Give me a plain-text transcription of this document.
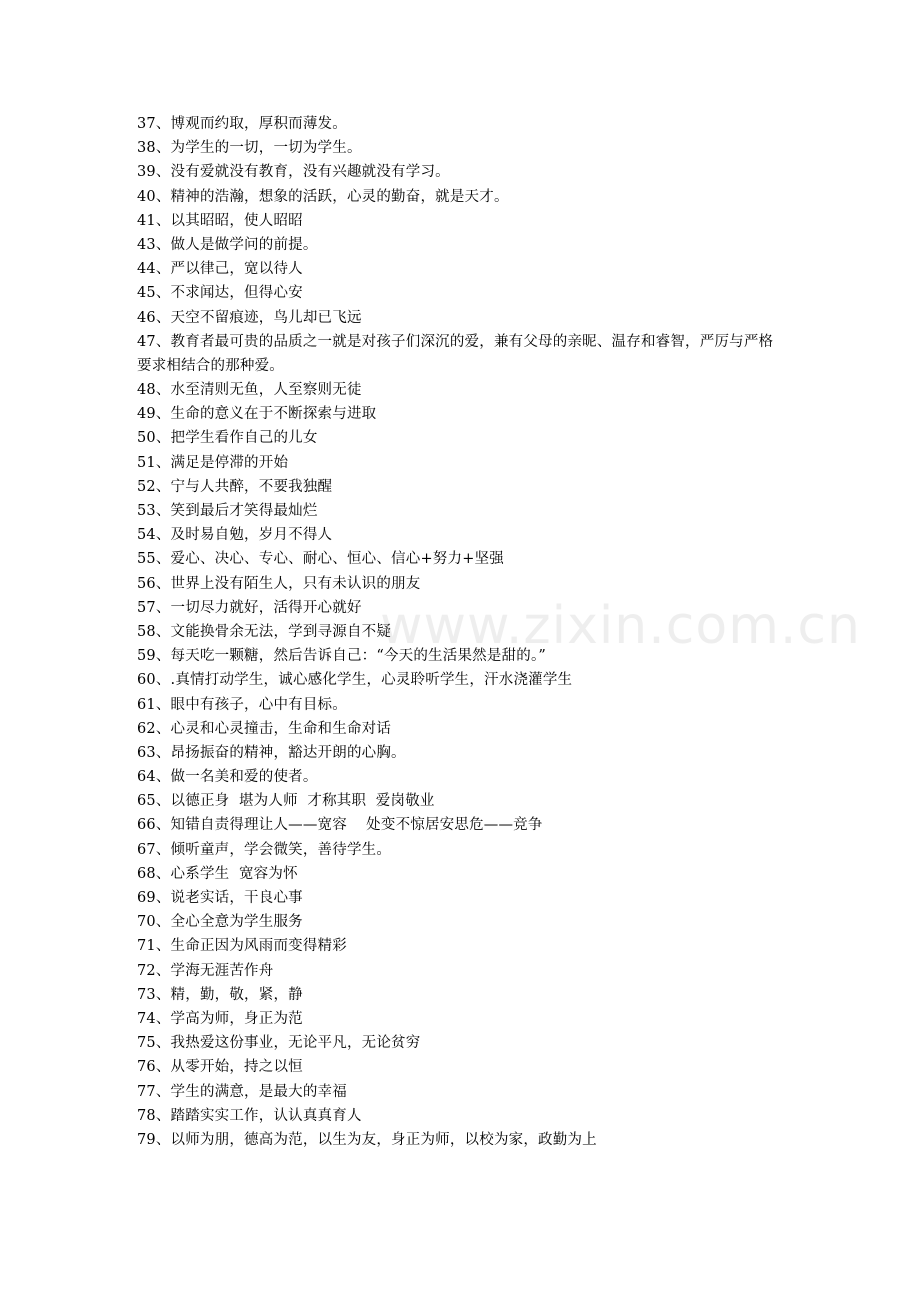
37、博观而约取，厚积而薄发。
38、为学生的一切，一切为学生。
39、没有爱就没有教育，没有兴趣就没有学习。
40、精神的浩瀚，想象的活跃，心灵的勤奋，就是天才。
41、以其昭昭，使人昭昭
43、做人是做学问的前提。
44、严以律己，宽以待人
45、不求闻达，但得心安
46、天空不留痕迹，鸟儿却已飞远
47、教育者最可贵的品质之一就是对孩子们深沉的爱，兼有父母的亲昵、温存和睿智，严厉与严格要求相结合的那种爱。
48、水至清则无鱼，人至察则无徒
49、生命的意义在于不断探索与进取
50、把学生看作自己的儿女
51、满足是停滞的开始
52、宁与人共醉，不要我独醒
53、笑到最后才笑得最灿烂
54、及时易自勉，岁月不得人
55、爱心、决心、专心、耐心、恒心、信心+努力+坚强
56、世界上没有陌生人，只有未认识的朋友
57、一切尽力就好，活得开心就好
58、文能换骨余无法，学到寻源自不疑
59、每天吃一颗糖，然后告诉自己：“今天的生活果然是甜的。”
60、.真情打动学生，诚心感化学生，心灵聆听学生，汗水浇灌学生
61、眼中有孩子，心中有目标。
62、心灵和心灵撞击，生命和生命对话
63、昂扬振奋的精神，豁达开朗的心胸。
64、做一名美和爱的使者。
65、以德正身  堪为人师  才称其职  爱岗敬业
66、知错自责得理让人——宽容    处变不惊居安思危——竞争
67、倾听童声，学会微笑，善待学生。
68、心系学生  宽容为怀
69、说老实话，干良心事
70、全心全意为学生服务
71、生命正因为风雨而变得精彩
72、学海无涯苦作舟
73、精，勤，敬，紧，静
74、学高为师，身正为范
75、我热爱这份事业，无论平凡，无论贫穷
76、从零开始，持之以恒
77、学生的满意，是最大的幸福
78、踏踏实实工作，认认真真育人
79、以师为朋，德高为范，以生为友，身正为师，以校为家，政勤为上
www.zixin.com.cn
